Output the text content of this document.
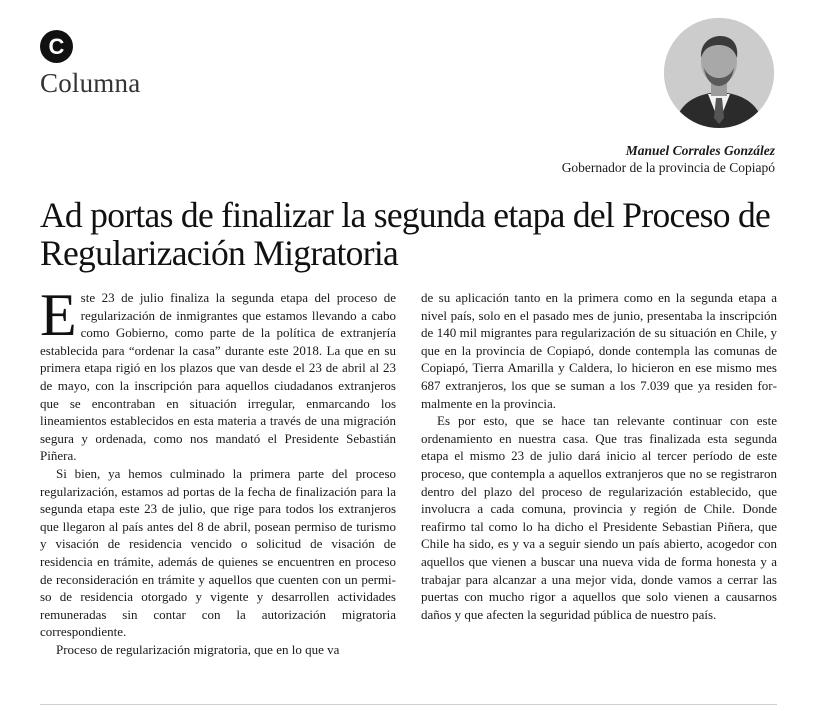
C
Columna
Manuel Corrales González
Gobernador de la provincia de Copiapó
Ad portas de finalizar la segunda etapa del Proceso de Regularización Migratoria

Este 23 de julio finaliza la segunda etapa del proceso de regularización de inmigrantes que estamos llevando a cabo como Gobierno, como parte de la política de extranjería establecida para “ordenar la casa” durante este 2018. La que en su primera etapa rigió en los plazos que van desde el 23 de abril al 23 de mayo, con la inscripción para aquellos ciudadanos extranjeros que se encontraban en situación irregular, enmarcando los lineamientos establecidos en esta materia a través de una migración segura y ordenada, como nos mandató el Presidente Sebastián Piñera.

Si bien, ya hemos culminado la primera parte del proceso regularización, estamos ad portas de la fecha de finalización para la segunda etapa este 23 de julio, que rige para todos los extranjeros que llegaron al país antes del 8 de abril, posean permiso de turismo y visación de residencia vencido o solicitud de visación de residencia en trámite, además de quienes se encuentren en proceso de reconsideración en trámite y aquellos que cuenten con un permiso de residencia otorgado y vigente y desarrollen actividades remuneradas sin contar con la autorización migratoria correspondiente.

Proceso de regularización migratoria, que en lo que va

de su aplicación tanto en la primera como en la segunda etapa a nivel país, solo en el pasado mes de junio, presentaba la inscripción de 140 mil migrantes para regularización de su situación en Chile, y que en la provincia de Copiapó, donde contempla las comunas de Copiapó, Tierra Amarilla y Caldera, lo hicieron en ese mismo mes 687 extranjeros, los que se suman a los 7.039 que ya residen formalmente en la provincia.

Es por esto, que se hace tan relevante continuar con este ordenamiento en nuestra casa. Que tras finalizada esta segunda etapa el mismo 23 de julio dará inicio al tercer período de este proceso, que contempla a aquellos extranjeros que no se registraron dentro del plazo del proceso de regularización establecido, que involucra a cada comuna, provincia y región de Chile. Donde reafirmo tal como lo ha dicho el Presidente Sebastian Piñera, que Chile ha sido, es y va a seguir siendo un país abierto, acogedor con aquellos que vienen a buscar una nueva vida de forma honesta y a trabajar para alcanzar a una mejor vida, donde vamos a cerrar las puertas con mucho rigor a aquellos que solo vienen a causarnos daños y que afecten la seguridad pública de nuestro país.
